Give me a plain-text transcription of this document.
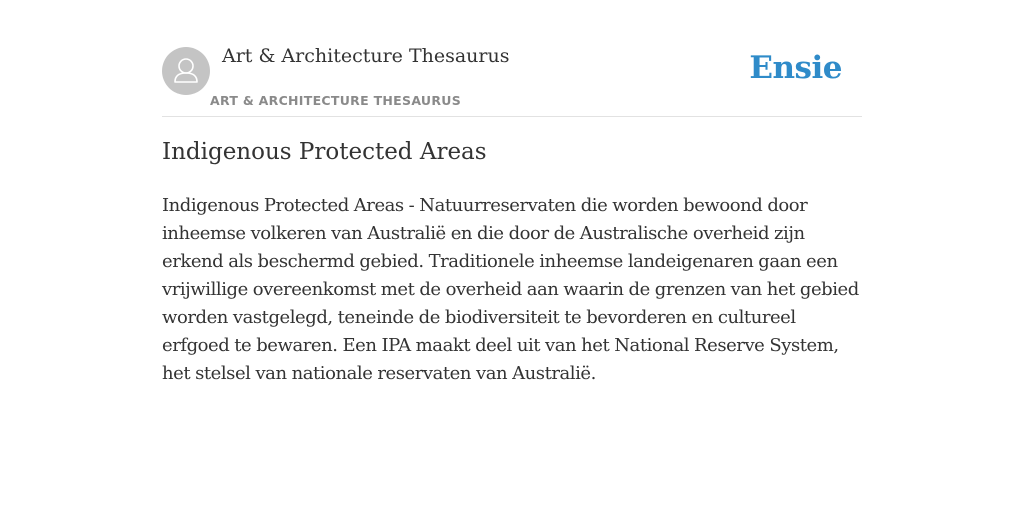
Art & Architecture Thesaurus
ART & ARCHITECTURE THESAURUS
Ensie
Indigenous Protected Areas

Indigenous Protected Areas - Natuurreservaten die worden bewoond door inheemse volkeren van Australië en die door de Australische overheid zijn erkend als beschermd gebied. Traditionele inheemse landeigenaren gaan een vrijwillige overeenkomst met de overheid aan waarin de grenzen van het gebied worden vastgelegd, teneinde de biodiversiteit te bevorderen en cultureel erfgoed te bewaren. Een IPA maakt deel uit van het National Reserve System, het stelsel van nationale reservaten van Australië.
